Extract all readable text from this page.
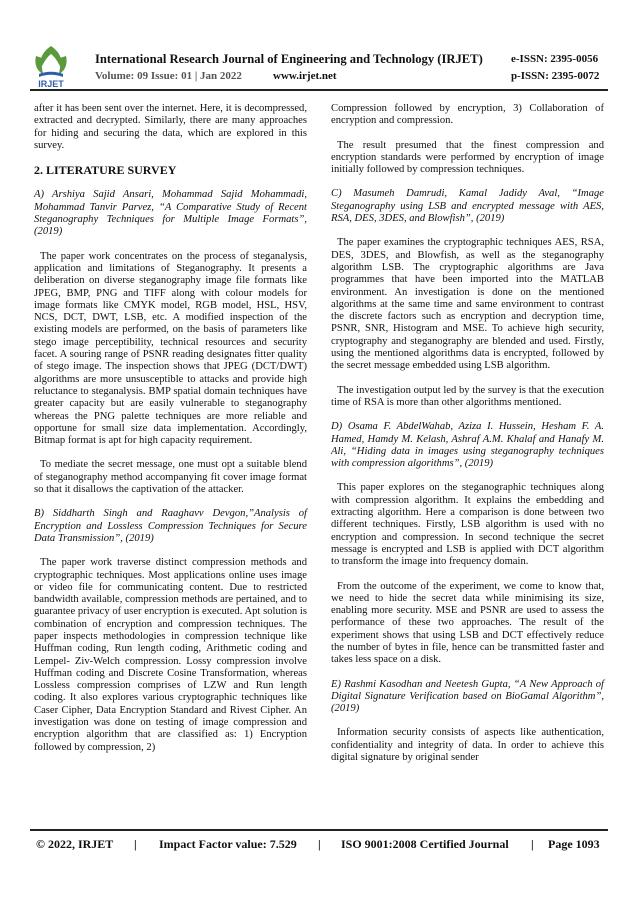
IRJET
International Research Journal of Engineering and Technology (IRJET)	e-ISSN: 2395-0056
Volume: 09 Issue: 01 | Jan 2022	www.irjet.net	p-ISSN: 2395-0072

after it has been sent over the internet. Here, it is decompressed, extracted and decrypted. Similarly, there are many approaches for hiding and securing the data, which are explored in this survey.

2. LITERATURE SURVEY

A) Arshiya Sajid Ansari, Mohammad Sajid Mohammadi, Mohammad Tanvir Parvez, “A Comparative Study of Recent Steganography Techniques for Multiple Image Formats”, (2019)

The paper work concentrates on the process of steganalysis, application and limitations of Steganography. It presents a deliberation on diverse steganography image file formats like JPEG, BMP, PNG and TIFF along with colour models for image formats like CMYK model, RGB model, HSL, HSV, NCS, DCT, DWT, LSB, etc. A modified inspection of the existing models are performed, on the basis of parameters like stego image perceptibility, technical resources and security facet. A souring range of PSNR reading designates fitter quality of stego image. The inspection shows that JPEG (DCT/DWT) algorithms are more unsusceptible to attacks and provide high reluctance to steganalysis. BMP spatial domain techniques have greater capacity but are easily vulnerable to steganography whereas the PNG palette techniques are more reliable and opportune for small size data implementation. Accordingly, Bitmap format is apt for high capacity requirement.

To mediate the secret message, one must opt a suitable blend of steganography method accompanying fit cover image format so that it disallows the captivation of the attacker.

B) Siddharth Singh and Raaghavv Devgon,”Analysis of Encryption and Lossless Compression Techniques for Secure Data Transmission”, (2019)

The paper work traverse distinct compression methods and cryptographic techniques. Most applications online uses image or video file for communicating content. Due to restricted bandwidth available, compression methods are pertained, and to guarantee privacy of user encryption is executed. Apt solution is combination of encryption and compression techniques. The paper inspects methodologies in compression technique like Huffman coding, Run length coding, Arithmetic coding and Lempel- Ziv-Welch compression. Lossy compression involve Huffman coding and Discrete Cosine Transformation, whereas Lossless compression comprises of LZW and Run length coding. It also explores various cryptographic techniques like Caser Cipher, Data Encryption Standard and Rivest Cipher. An investigation was done on testing of image compression and encryption algorithm that are classified as: 1) Encryption followed by compression, 2)

Compression followed by encryption, 3) Collaboration of encryption and compression.

The result presumed that the finest compression and encryption standards were performed by encryption of image initially followed by compression techniques.

C) Masumeh Damrudi, Kamal Jadidy Aval, “Image Steganography using LSB and encrypted message with AES, RSA, DES, 3DES, and Blowfish”, (2019)

The paper examines the cryptographic techniques AES, RSA, DES, 3DES, and Blowfish, as well as the steganography algorithm LSB. The cryptographic algorithms are Java programmes that have been imported into the MATLAB environment. An investigation is done on the mentioned algorithms at the same time and same environment to contrast the discrete factors such as encryption and decryption time, PSNR, SNR, Histogram and MSE. To achieve high security, cryptography and steganography are blended and used. Firstly, using the mentioned algorithms data is encrypted, followed by the secret message embedded using LSB algorithm.

The investigation output led by the survey is that the execution time of RSA is more than other algorithms mentioned.

D) Osama F. AbdelWahab, Aziza I. Hussein, Hesham F. A. Hamed, Hamdy M. Kelash, Ashraf A.M. Khalaf and Hanafy M. Ali, “Hiding data in images using steganography techniques with compression algorithms”, (2019)

This paper explores on the steganographic techniques along with compression algorithm. It explains the embedding and extracting algorithm. Here a comparison is done between two different techniques. Firstly, LSB algorithm is used with no encryption and compression. In second technique the secret message is encrypted and LSB is applied with DCT algorithm to transform the image into frequency domain.

From the outcome of the experiment, we come to know that, we need to hide the secret data while minimising its size, enabling more security. MSE and PSNR are used to assess the performance of these two approaches. The result of the experiment shows that using LSB and DCT effectively reduce the number of bytes in file, hence can be transmitted faster and takes less space on a disk.

E) Rashmi Kasodhan and Neetesh Gupta, “A New Approach of Digital Signature Verification based on BioGamal Algorithm”, (2019)

Information security consists of aspects like authentication, confidentiality and integrity of data. In order to achieve this digital signature by original sender

© 2022, IRJET | Impact Factor value: 7.529 | ISO 9001:2008 Certified Journal | Page 1093
